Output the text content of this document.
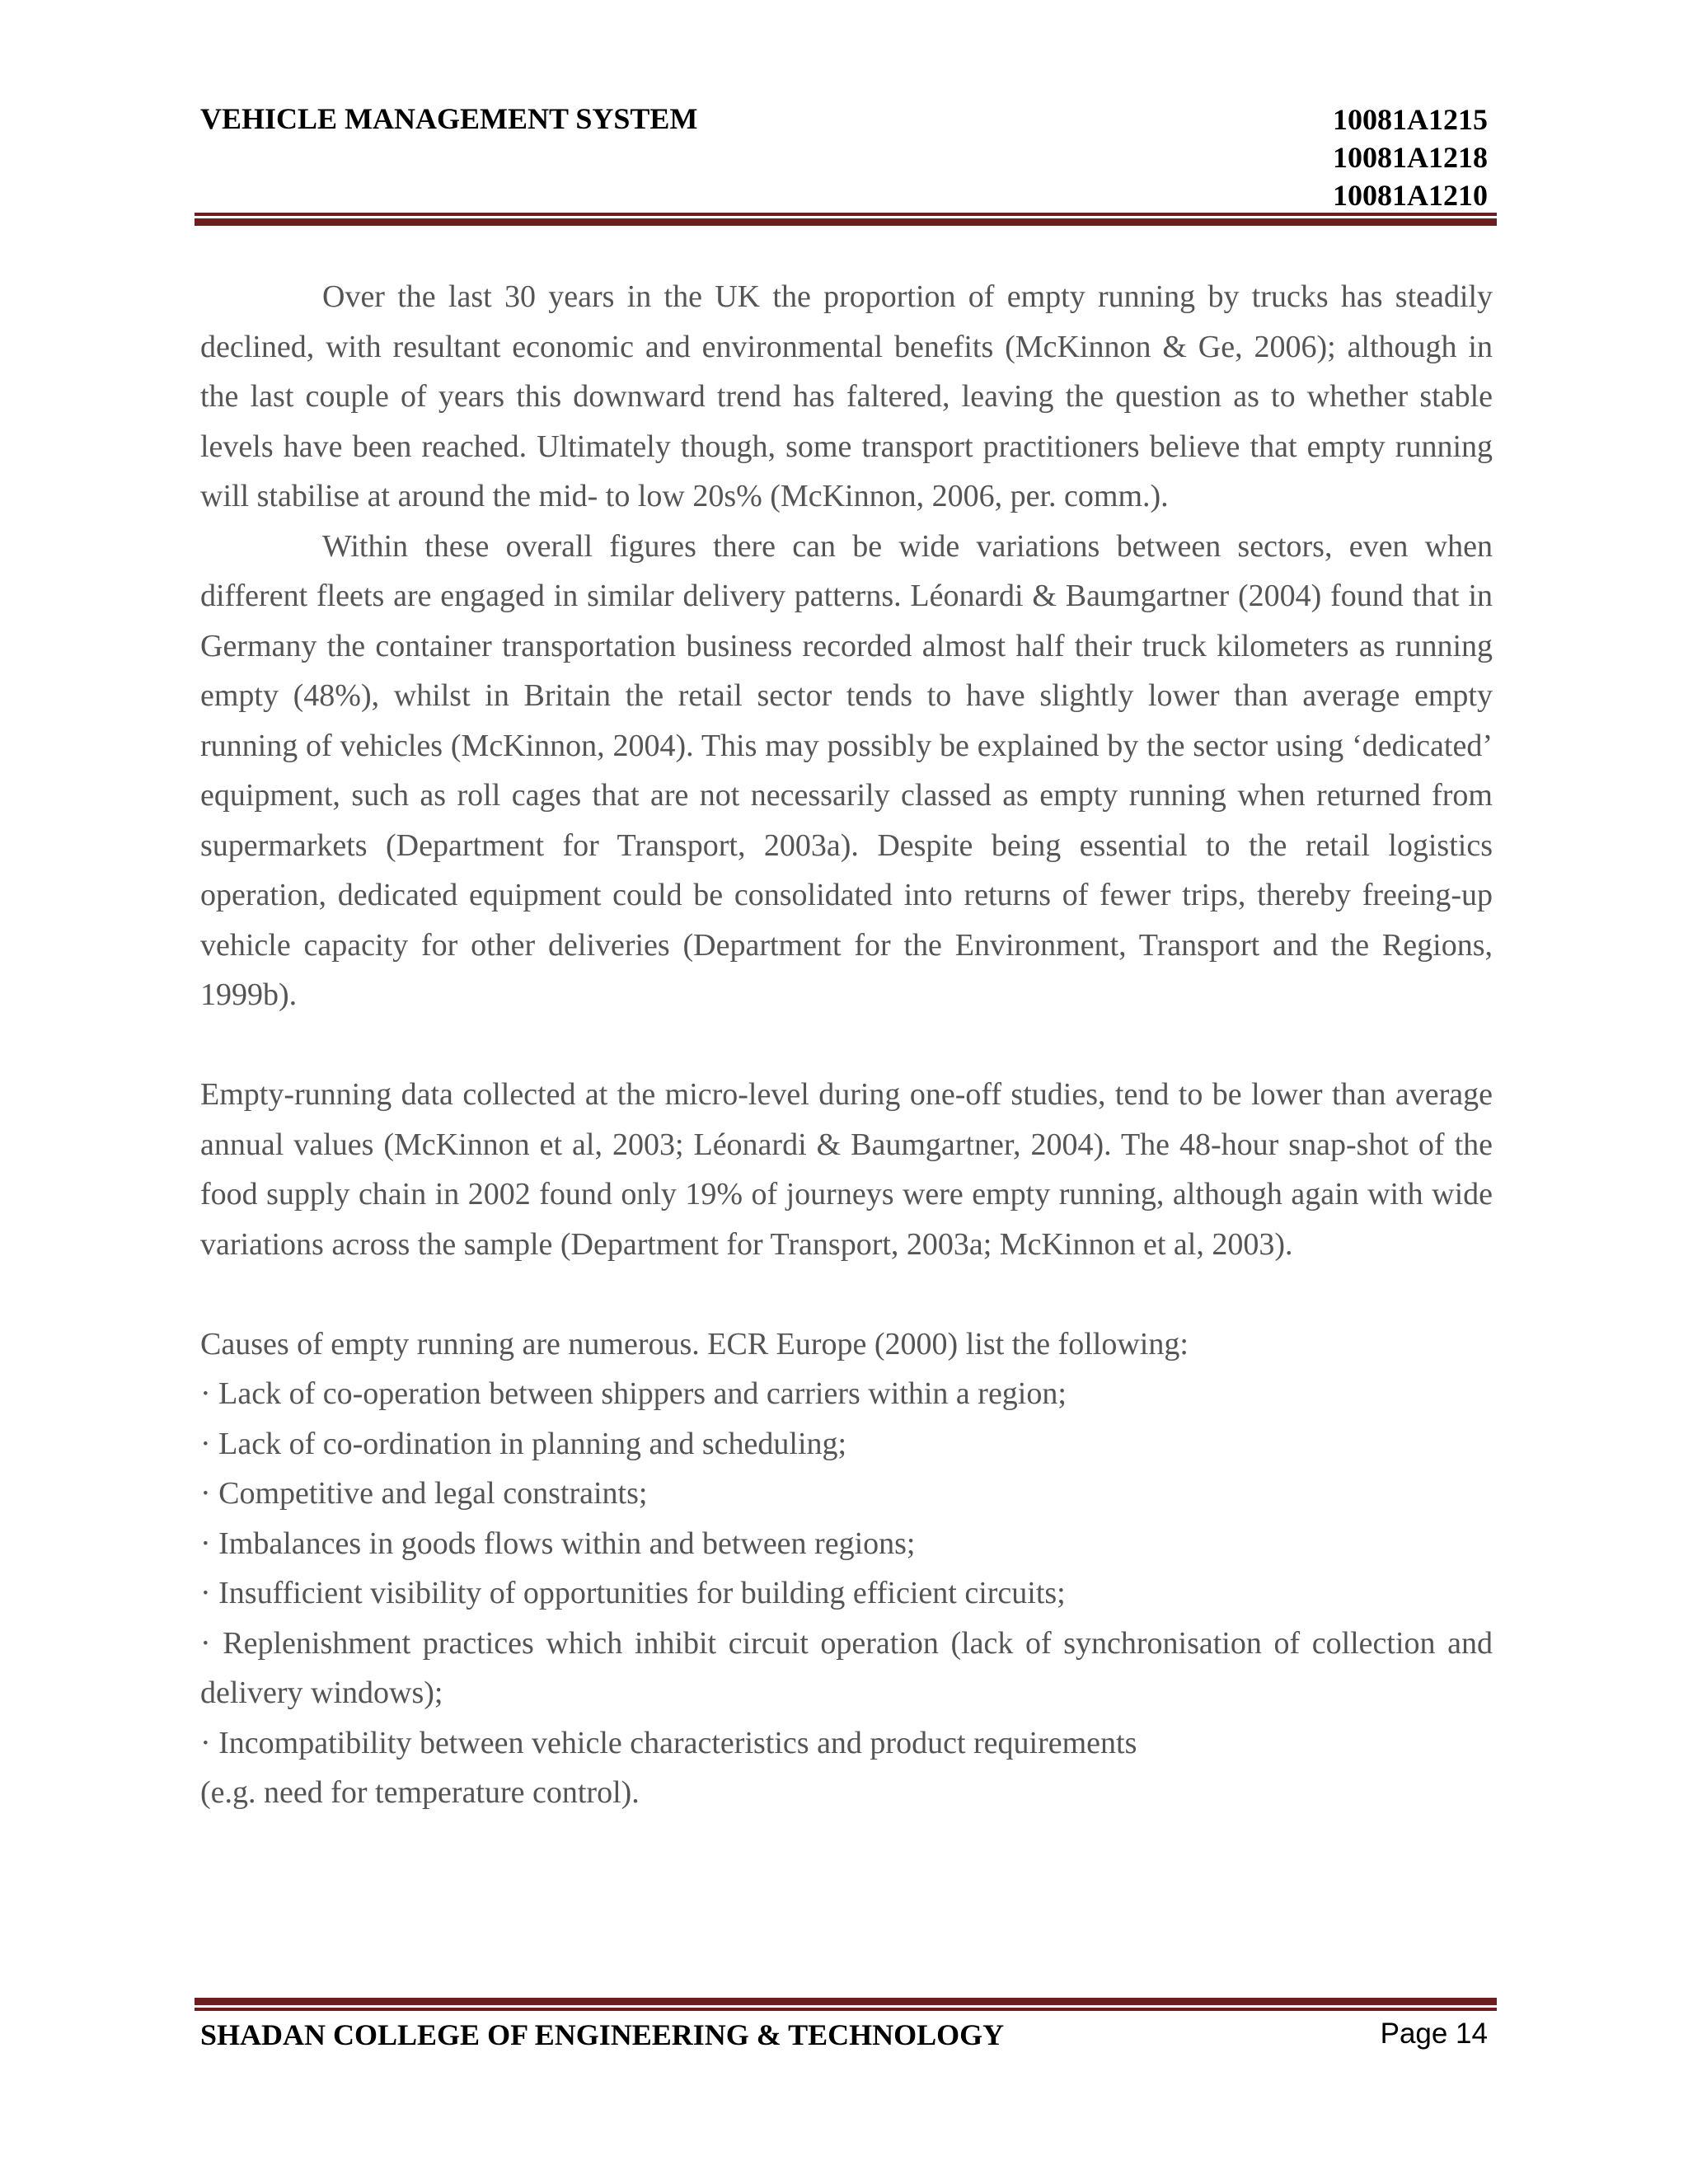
VEHICLE MANAGEMENT SYSTEM	10081A1215
10081A1218
10081A1210

Over the last 30 years in the UK the proportion of empty running by trucks has steadily declined, with resultant economic and environmental benefits (McKinnon & Ge, 2006); although in the last couple of years this downward trend has faltered, leaving the question as to whether stable levels have been reached. Ultimately though, some transport practitioners believe that empty running will stabilise at around the mid- to low 20s% (McKinnon, 2006, per. comm.).

Within these overall figures there can be wide variations between sectors, even when different fleets are engaged in similar delivery patterns. Léonardi & Baumgartner (2004) found that in Germany the container transportation business recorded almost half their truck kilometers as running empty (48%), whilst in Britain the retail sector tends to have slightly lower than average empty running of vehicles (McKinnon, 2004). This may possibly be explained by the sector using ‘dedicated’ equipment, such as roll cages that are not necessarily classed as empty running when returned from supermarkets (Department for Transport, 2003a). Despite being essential to the retail logistics operation, dedicated equipment could be consolidated into returns of fewer trips, thereby freeing-up vehicle capacity for other deliveries (Department for the Environment, Transport and the Regions, 1999b).

Empty-running data collected at the micro-level during one-off studies, tend to be lower than average annual values (McKinnon et al, 2003; Léonardi & Baumgartner, 2004). The 48-hour snap-shot of the food supply chain in 2002 found only 19% of journeys were empty running, although again with wide variations across the sample (Department for Transport, 2003a; McKinnon et al, 2003).

Causes of empty running are numerous. ECR Europe (2000) list the following:

· Lack of co-operation between shippers and carriers within a region;

· Lack of co-ordination in planning and scheduling;

· Competitive and legal constraints;

· Imbalances in goods flows within and between regions;

· Insufficient visibility of opportunities for building efficient circuits;

· Replenishment practices which inhibit circuit operation (lack of synchronisation of collection and delivery windows);

· Incompatibility between vehicle characteristics and product requirements

(e.g. need for temperature control).

SHADAN COLLEGE OF ENGINEERING & TECHNOLOGY	Page 14
